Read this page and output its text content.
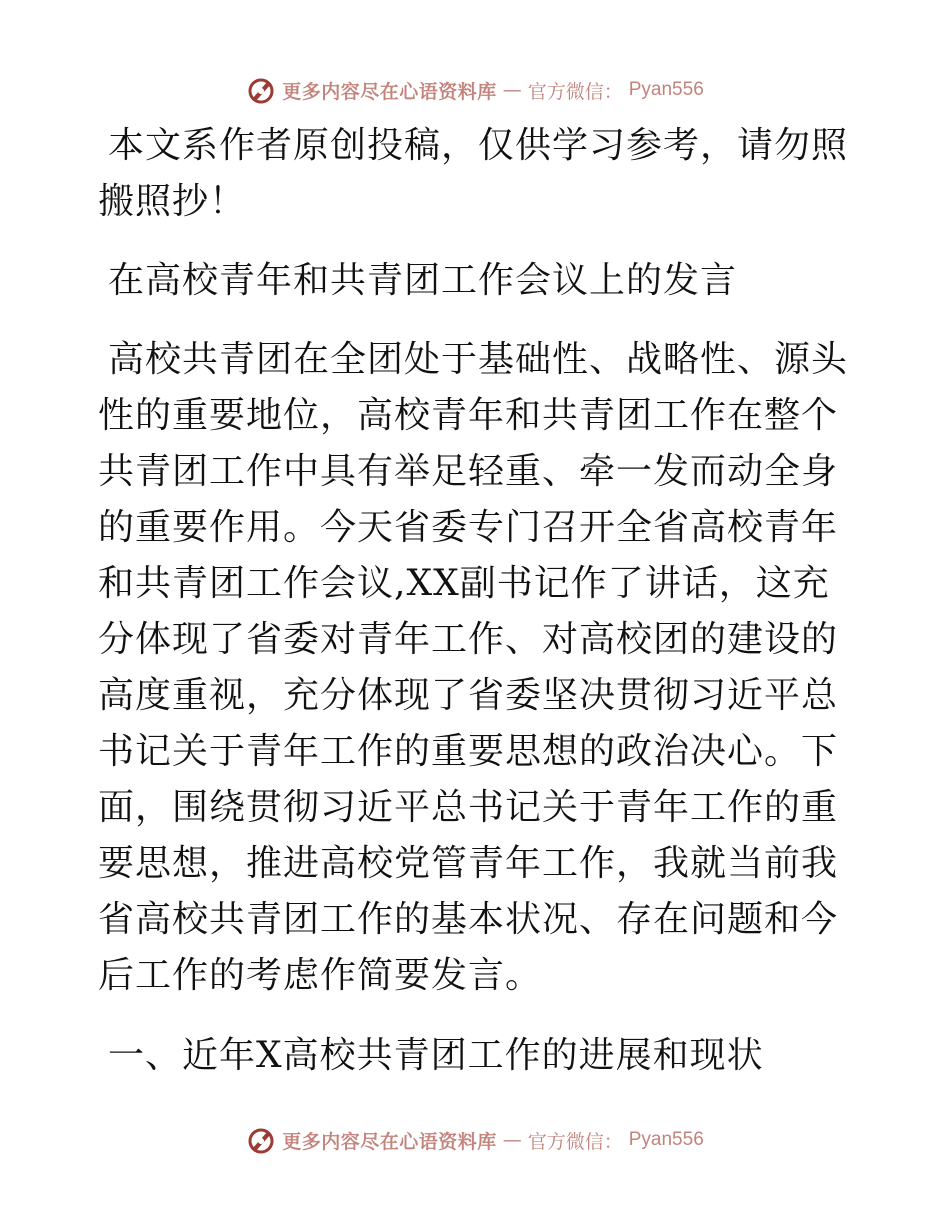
更多内容尽在心语资料库 — 官方微信： Pyan556

本文系作者原创投稿，仅供学习参考，请勿照搬照抄！

在高校青年和共青团工作会议上的发言

高校共青团在全团处于基础性、战略性、源头性的重要地位，高校青年和共青团工作在整个共青团工作中具有举足轻重、牵一发而动全身的重要作用。今天省委专门召开全省高校青年和共青团工作会议,XX副书记作了讲话，这充分体现了省委对青年工作、对高校团的建设的高度重视，充分体现了省委坚决贯彻习近平总书记关于青年工作的重要思想的政治决心。下面，围绕贯彻习近平总书记关于青年工作的重要思想，推进高校党管青年工作，我就当前我省高校共青团工作的基本状况、存在问题和今后工作的考虑作简要发言。

一、近年X高校共青团工作的进展和现状

更多内容尽在心语资料库 — 官方微信： Pyan556
